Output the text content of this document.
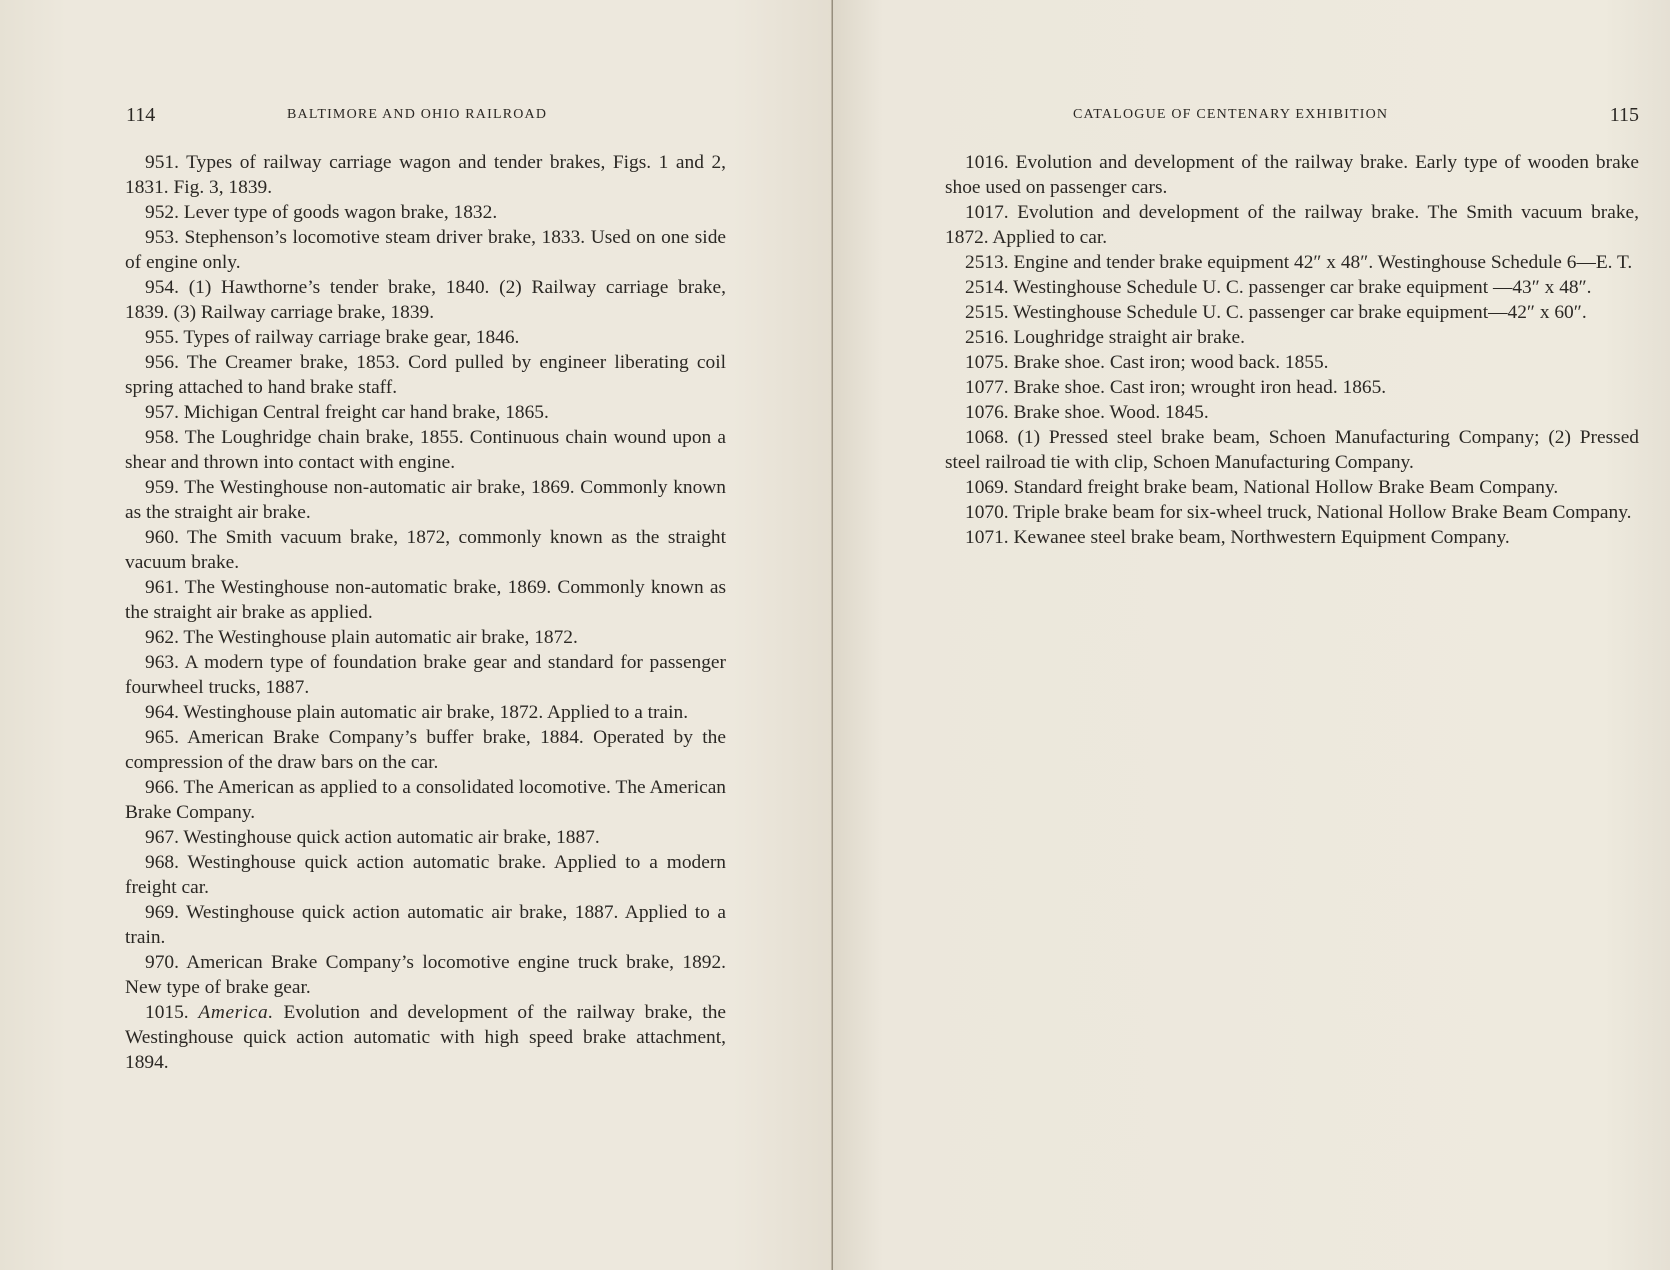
114	BALTIMORE AND OHIO RAILROAD

951. Types of railway carriage wagon and tender brakes, Figs. 1 and 2, 1831. Fig. 3, 1839.

952. Lever type of goods wagon brake, 1832.

953. Stephenson’s locomotive steam driver brake, 1833. Used on one side of engine only.

954. (1) Hawthorne’s tender brake, 1840. (2) Railway carriage brake, 1839. (3) Railway carriage brake, 1839.

955. Types of railway carriage brake gear, 1846.

956. The Creamer brake, 1853. Cord pulled by engineer liberating coil spring attached to hand brake staff.

957. Michigan Central freight car hand brake, 1865.

958. The Loughridge chain brake, 1855. Continuous chain wound upon a shear and thrown into contact with engine.

959. The Westinghouse non-automatic air brake, 1869. Commonly known as the straight air brake.

960. The Smith vacuum brake, 1872, commonly known as the straight vacuum brake.

961. The Westinghouse non-automatic brake, 1869. Commonly known as the straight air brake as applied.

962. The Westinghouse plain automatic air brake, 1872.

963. A modern type of foundation brake gear and standard for passenger fourwheel trucks, 1887.

964. Westinghouse plain automatic air brake, 1872. Applied to a train.

965. American Brake Company’s buffer brake, 1884. Operated by the compression of the draw bars on the car.

966. The American as applied to a consolidated locomotive. The American Brake Company.

967. Westinghouse quick action automatic air brake, 1887.

968. Westinghouse quick action automatic brake. Applied to a modern freight car.

969. Westinghouse quick action automatic air brake, 1887. Applied to a train.

970. American Brake Company’s locomotive engine truck brake, 1892. New type of brake gear.

1015. America. Evolution and development of the railway brake, the Westinghouse quick action automatic with high speed brake attachment, 1894.

CATALOGUE OF CENTENARY EXHIBITION	115

1016. Evolution and development of the railway brake. Early type of wooden brake shoe used on passenger cars.

1017. Evolution and development of the railway brake. The Smith vacuum brake, 1872. Applied to car.

2513. Engine and tender brake equipment 42″ x 48″. Westinghouse Schedule 6—E. T.

2514. Westinghouse Schedule U. C. passenger car brake equipment —43″ x 48″.

2515. Westinghouse Schedule U. C. passenger car brake equipment—42″ x 60″.

2516. Loughridge straight air brake.

1075. Brake shoe. Cast iron; wood back. 1855.

1077. Brake shoe. Cast iron; wrought iron head. 1865.

1076. Brake shoe. Wood. 1845.

1068. (1) Pressed steel brake beam, Schoen Manufacturing Company; (2) Pressed steel railroad tie with clip, Schoen Manufacturing Company.

1069. Standard freight brake beam, National Hollow Brake Beam Company.

1070. Triple brake beam for six-wheel truck, National Hollow Brake Beam Company.

1071. Kewanee steel brake beam, Northwestern Equipment Company.
